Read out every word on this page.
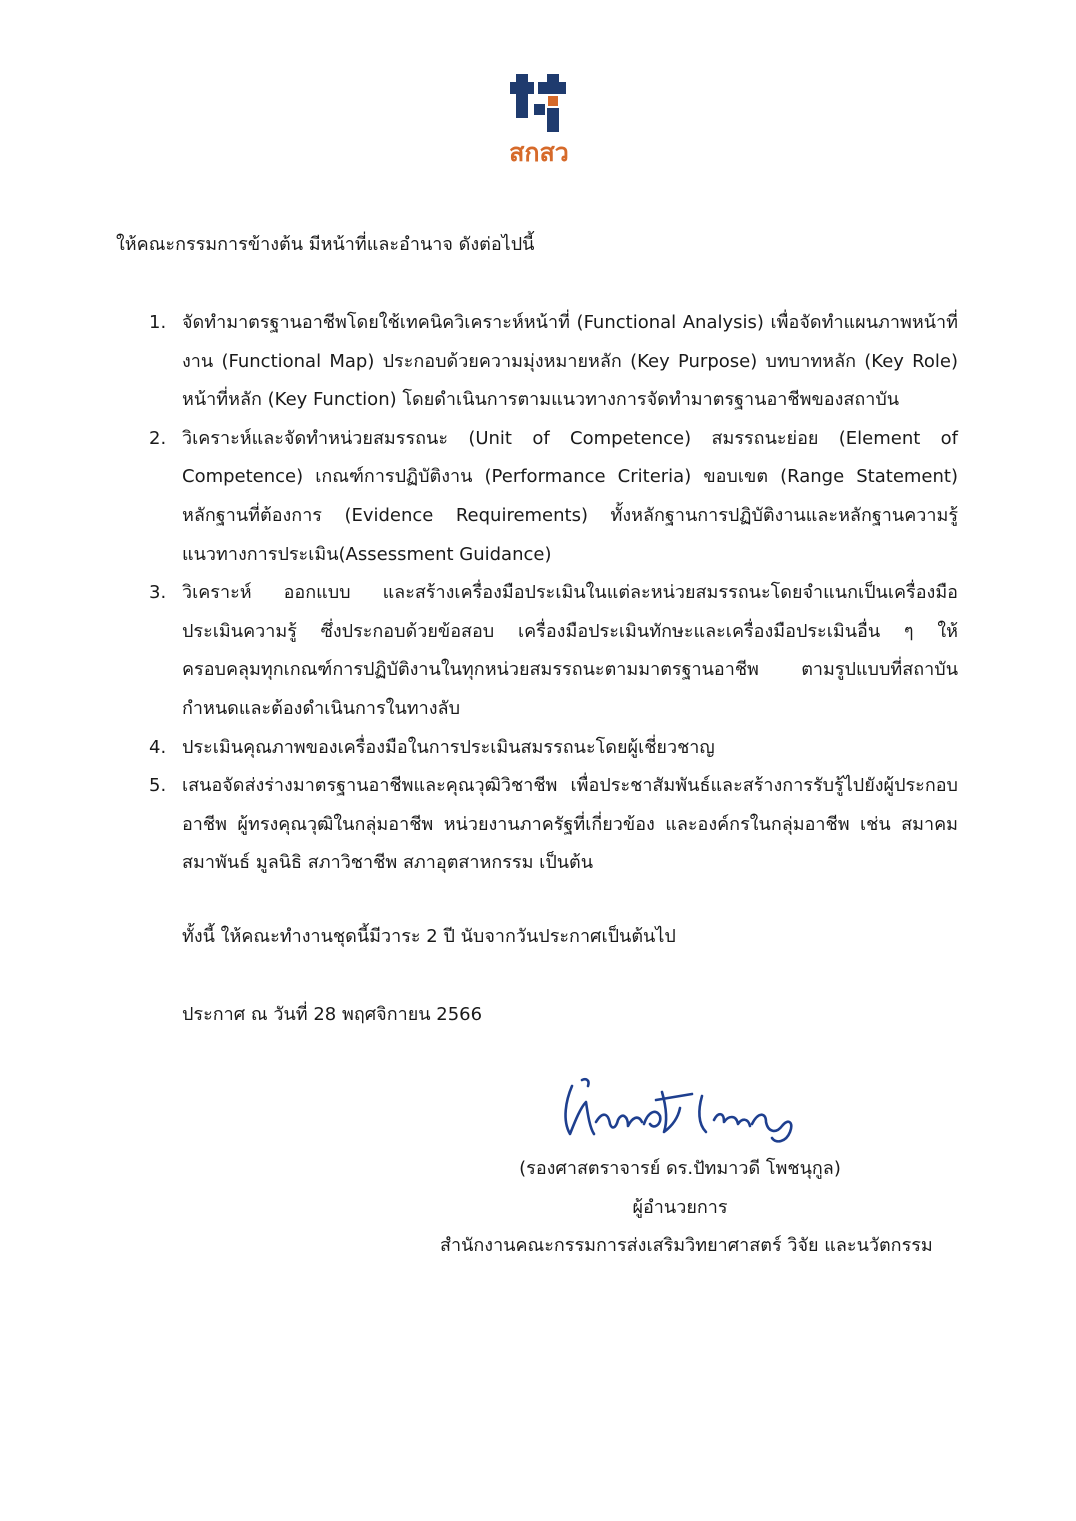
สกสว
ให้คณะกรรมการข้างต้น มีหน้าที่และอำนาจ ดังต่อไปนี้
1. จัดทำมาตรฐานอาชีพโดยใช้เทคนิควิเคราะห์หน้าที่ (Functional Analysis) เพื่อจัดทำแผนภาพหน้าที่งาน (Functional Map) ประกอบด้วยความมุ่งหมายหลัก (Key Purpose) บทบาทหลัก (Key Role) หน้าที่หลัก (Key Function) โดยดำเนินการตามแนวทางการจัดทำมาตรฐานอาชีพของสถาบัน
2. วิเคราะห์และจัดทำหน่วยสมรรถนะ (Unit of Competence) สมรรถนะย่อย (Element of Competence) เกณฑ์การปฏิบัติงาน (Performance Criteria) ขอบเขต (Range Statement) หลักฐานที่ต้องการ (Evidence Requirements) ทั้งหลักฐานการปฏิบัติงานและหลักฐานความรู้ แนวทางการประเมิน(Assessment Guidance)
3. วิเคราะห์ ออกแบบ และสร้างเครื่องมือประเมินในแต่ละหน่วยสมรรถนะโดยจำแนกเป็นเครื่องมือประเมินความรู้ ซึ่งประกอบด้วยข้อสอบ เครื่องมือประเมินทักษะและเครื่องมือประเมินอื่น ๆ ให้ครอบคลุมทุกเกณฑ์การปฏิบัติงานในทุกหน่วยสมรรถนะตามมาตรฐานอาชีพ ตามรูปแบบที่สถาบันกำหนดและต้องดำเนินการในทางลับ
4. ประเมินคุณภาพของเครื่องมือในการประเมินสมรรถนะโดยผู้เชี่ยวชาญ
5. เสนอจัดส่งร่างมาตรฐานอาชีพและคุณวุฒิวิชาชีพ เพื่อประชาสัมพันธ์และสร้างการรับรู้ไปยังผู้ประกอบอาชีพ ผู้ทรงคุณวุฒิในกลุ่มอาชีพ หน่วยงานภาครัฐที่เกี่ยวข้อง และองค์กรในกลุ่มอาชีพ เช่น สมาคม สมาพันธ์ มูลนิธิ สภาวิชาชีพ สภาอุตสาหกรรม เป็นต้น
ทั้งนี้ ให้คณะทำงานชุดนี้มีวาระ 2 ปี นับจากวันประกาศเป็นต้นไป
ประกาศ ณ วันที่ 28 พฤศจิกายน 2566
(รองศาสตราจารย์ ดร.ปัทมาวดี โพชนุกูล)
ผู้อำนวยการ
สำนักงานคณะกรรมการส่งเสริมวิทยาศาสตร์ วิจัย และนวัตกรรม
